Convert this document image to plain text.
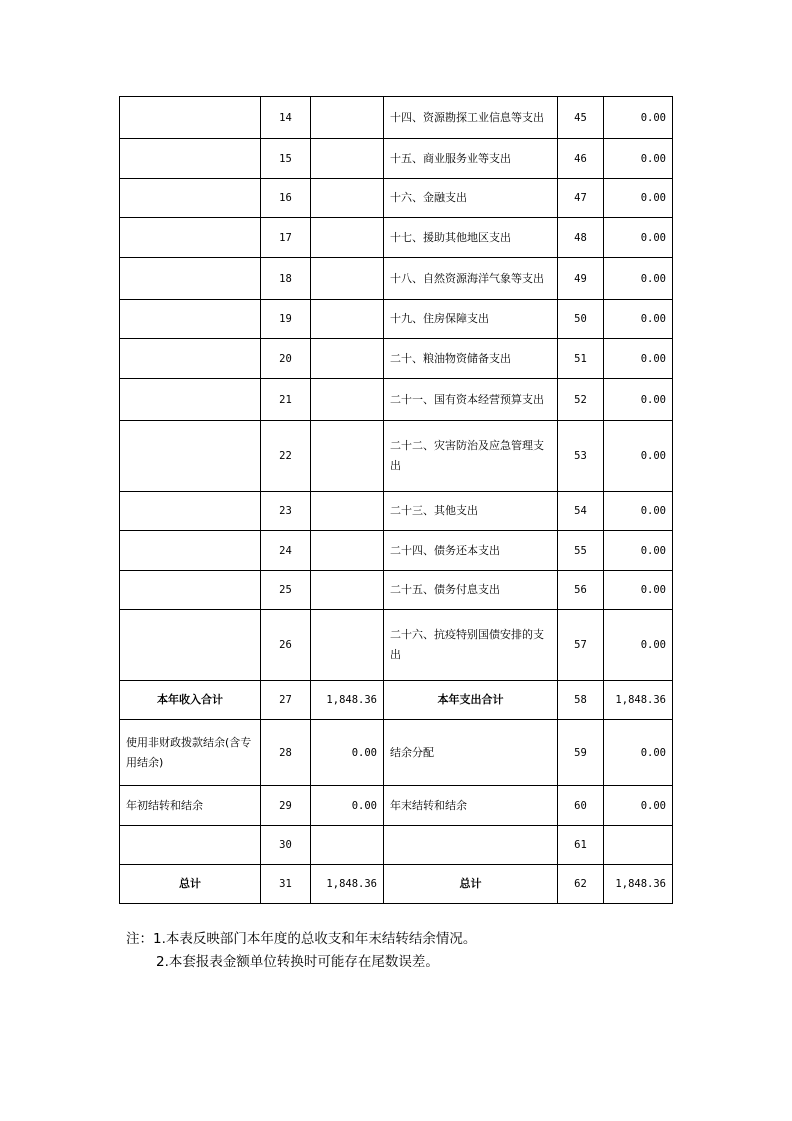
	14		十四、资源勘探工业信息等支出	45	0.00
	15		十五、商业服务业等支出	46	0.00
	16		十六、金融支出	47	0.00
	17		十七、援助其他地区支出	48	0.00
	18		十八、自然资源海洋气象等支出	49	0.00
	19		十九、住房保障支出	50	0.00
	20		二十、粮油物资储备支出	51	0.00
	21		二十一、国有资本经营预算支出	52	0.00
	22		二十二、灾害防治及应急管理支出	53	0.00
	23		二十三、其他支出	54	0.00
	24		二十四、债务还本支出	55	0.00
	25		二十五、债务付息支出	56	0.00
	26		二十六、抗疫特别国债安排的支出	57	0.00
本年收入合计	27	1,848.36	本年支出合计	58	1,848.36
使用非财政拨款结余(含专用结余)	28	0.00	结余分配	59	0.00
年初结转和结余	29	0.00	年末结转和结余	60	0.00
	30			61	
总计	31	1,848.36	总计	62	1,848.36
注：1.本表反映部门本年度的总收支和年末结转结余情况。
2.本套报表金额单位转换时可能存在尾数误差。
